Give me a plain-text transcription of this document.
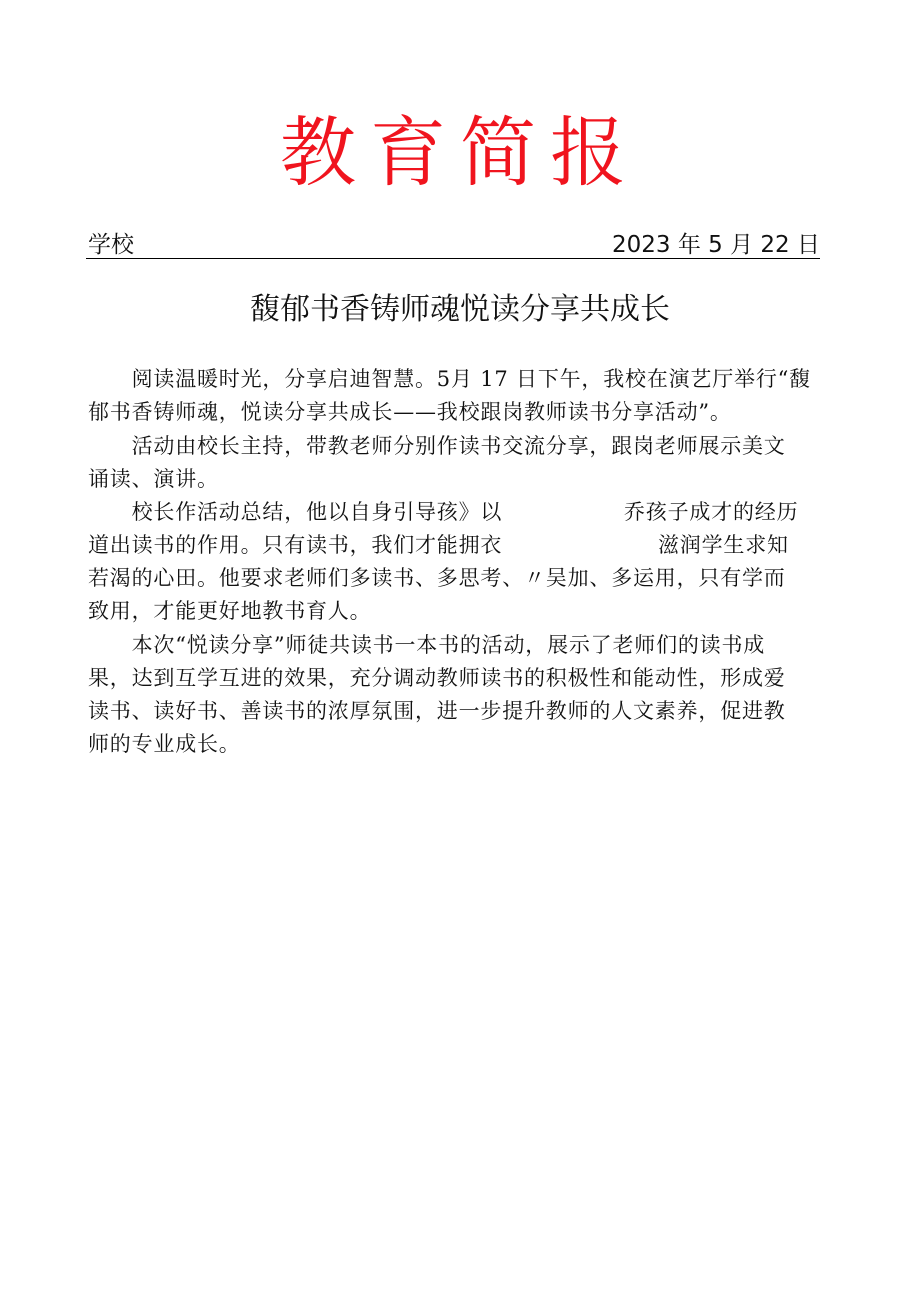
教育简报
学校	2023 年 5 月 22 日
馥郁书香铸师魂悦读分享共成长
　　阅读温暖时光，分享启迪智慧。5月 17 日下午，我校在演艺厅举行“馥
郁书香铸师魂，悦读分享共成长——我校跟岗教师读书分享活动”。
　　活动由校长主持，带教老师分别作读书交流分享，跟岗老师展示美文
诵读、演讲。
　　校长作活动总结，他以自身引导孩》以	乔孩子成才的经历
道出读书的作用。只有读书，我们才能拥衣	滋润学生求知
若渴的心田。他要求老师们多读书、多思考、〃吴加、多运用，只有学而
致用，才能更好地教书育人。
　　本次“悦读分享”师徒共读书一本书的活动，展示了老师们的读书成
果，达到互学互进的效果，充分调动教师读书的积极性和能动性，形成爱
读书、读好书、善读书的浓厚氛围，进一步提升教师的人文素养，促进教
师的专业成长。
